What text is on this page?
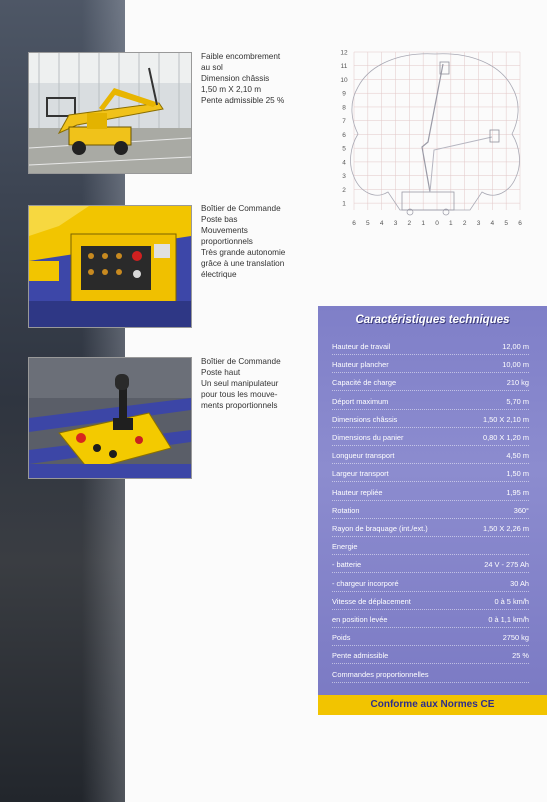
Faible encombrement
au sol
Dimension châssis
1,50 m X 2,10 m
Pente admissible 25 %
Boîtier de Commande
Poste bas
Mouvements
proportionnels
Très grande autonomie
grâce à une translation
électrique
Boîtier de Commande
Poste haut
Un seul manipulateur
pour tous les mouve-
ments proportionnels
12
11
10
9
8
7
6
5
4
3
2
1
6 5 4 3 2 1 0 1 2 3 4 5 6
Caractéristiques techniques
Hauteur de travail	12,00 m
Hauteur plancher	10,00 m
Capacité de charge	210 kg
Déport maximum	5,70 m
Dimensions châssis	1,50 X 2,10 m
Dimensions du panier	0,80 X 1,20 m
Longueur transport	4,50 m
Largeur transport	1,50 m
Hauteur repliée	1,95 m
Rotation	360°
Rayon de braquage (int./ext.)	1,50 X 2,26 m
Energie
- batterie	24 V - 275 Ah
- chargeur incorporé	30 Ah
Vitesse de déplacement	0 à 5 km/h
en position levée	0 à 1,1 km/h
Poids	2750 kg
Pente admissible	25 %
Commandes proportionnelles
Conforme aux Normes CE
